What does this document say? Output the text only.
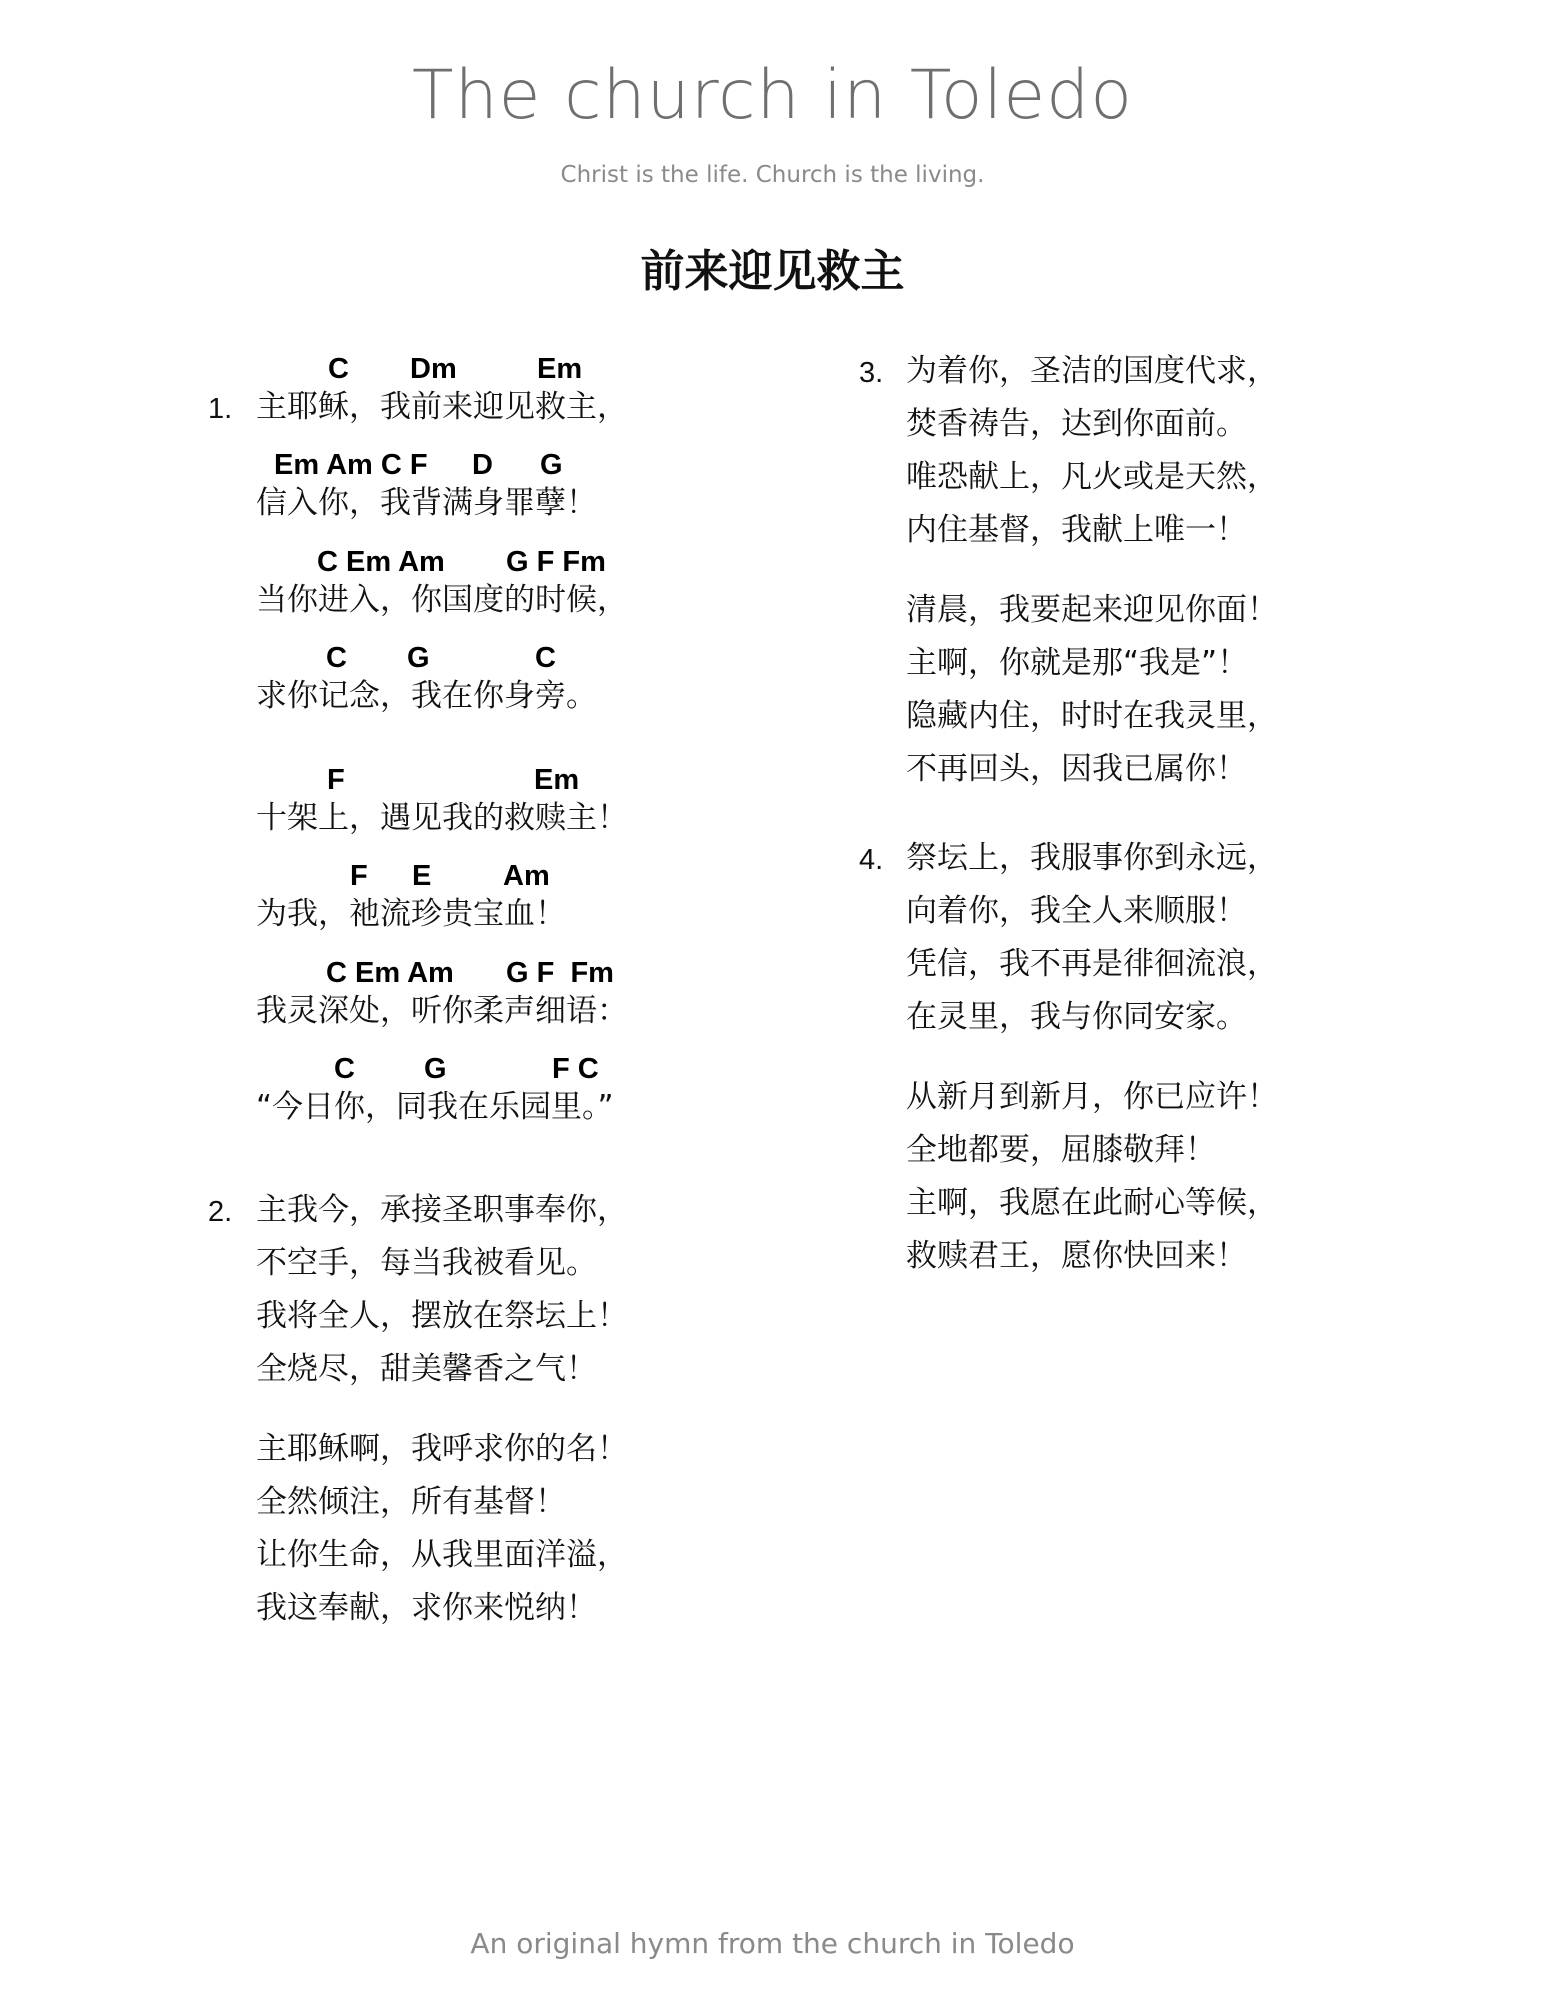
The church in Toledo
Christ is the life. Church is the living.
前来迎见救主
1.
C Dm	Em
主耶稣，我前来迎见救主，
Em Am C F D G
信入你，我背满身罪孽！
C Em Am G F Fm
当你进入，你国度的时候，
C G	C
求你记念，我在你身旁。
F	Em
十架上，遇见我的救赎主！
F E Am
为我，祂流珍贵宝血！
C Em Am G F  Fm
我灵深处，听你柔声细语：
C G	F C
“今日你，同我在乐园里。”
2. 主我今，承接圣职事奉你，
不空手，每当我被看见。
我将全人，摆放在祭坛上！
全烧尽，甜美馨香之气！
主耶稣啊，我呼求你的名！
全然倾注，所有基督！
让你生命，从我里面洋溢，
我这奉献，求你来悦纳！
3. 为着你，圣洁的国度代求，
焚香祷告，达到你面前。
唯恐献上，凡火或是天然，
内住基督，我献上唯一！
清晨，我要起来迎见你面！
主啊，你就是那“我是”！
隐藏内住，时时在我灵里，
不再回头，因我已属你！
4. 祭坛上，我服事你到永远，
向着你，我全人来顺服！
凭信，我不再是徘徊流浪，
在灵里，我与你同安家。
从新月到新月，你已应许！
全地都要，屈膝敬拜！
主啊，我愿在此耐心等候，
救赎君王，愿你快回来！
An original hymn from the church in Toledo
